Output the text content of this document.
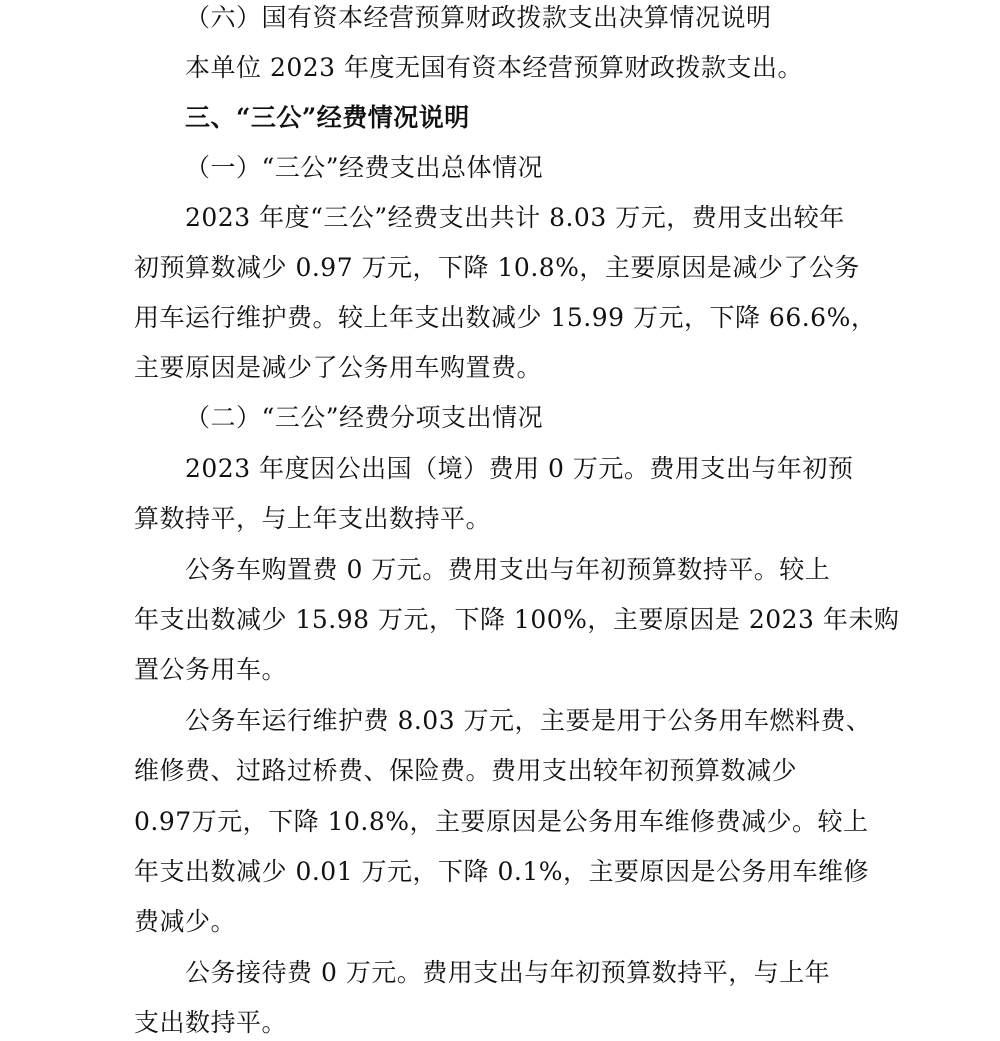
（六）国有资本经营预算财政拨款支出决算情况说明
本单位 2023 年度无国有资本经营预算财政拨款支出。
三、“三公”经费情况说明
（一）“三公”经费支出总体情况
2023 年度“三公”经费支出共计 8.03 万元，费用支出较年
初预算数减少 0.97 万元，下降 10.8%，主要原因是减少了公务
用车运行维护费。较上年支出数减少 15.99 万元，下降 66.6%，
主要原因是减少了公务用车购置费。
（二）“三公”经费分项支出情况
2023 年度因公出国（境）费用 0 万元。费用支出与年初预
算数持平，与上年支出数持平。
公务车购置费 0 万元。费用支出与年初预算数持平。较上
年支出数减少 15.98 万元，下降 100%，主要原因是 2023 年未购
置公务用车。
公务车运行维护费 8.03 万元，主要是用于公务用车燃料费、
维修费、过路过桥费、保险费。费用支出较年初预算数减少
0.97万元，下降 10.8%，主要原因是公务用车维修费减少。较上
年支出数减少 0.01 万元，下降 0.1%，主要原因是公务用车维修
费减少。
公务接待费 0 万元。费用支出与年初预算数持平，与上年
支出数持平。
